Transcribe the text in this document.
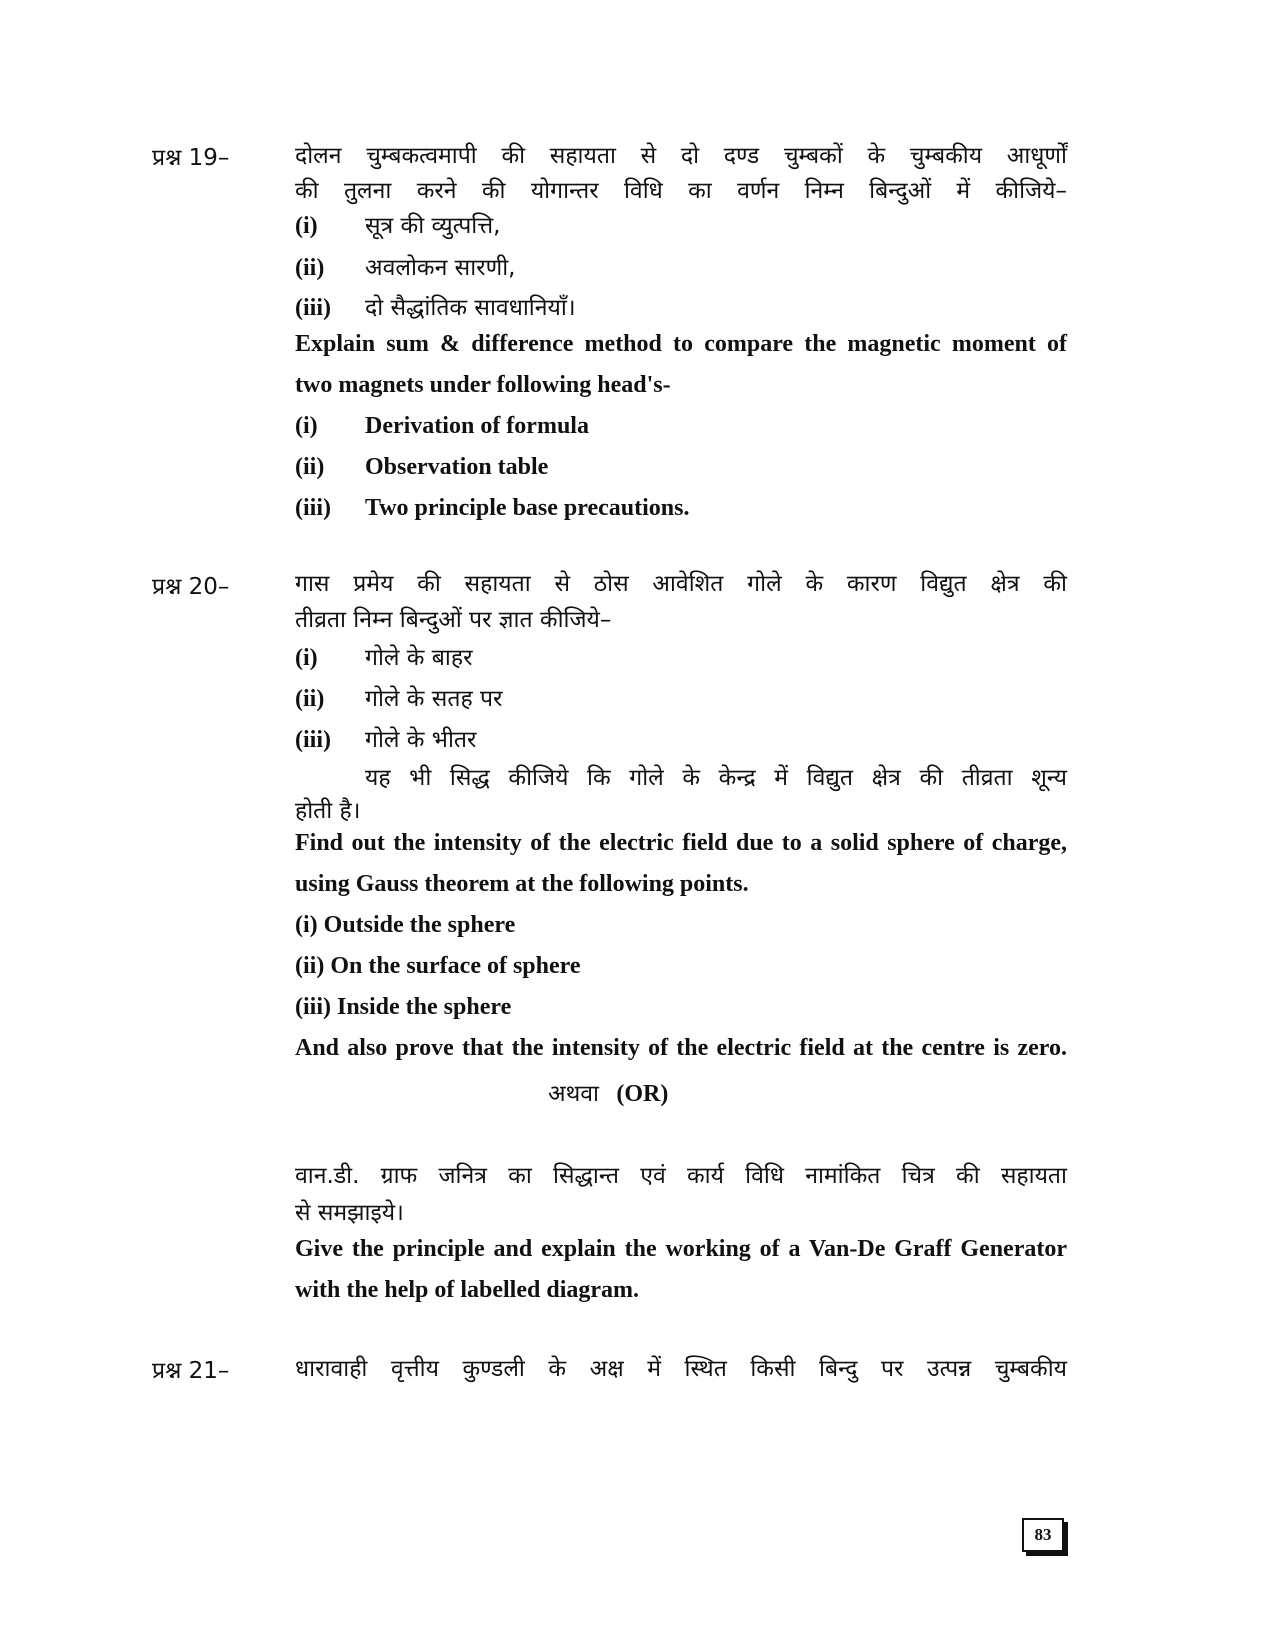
प्रश्न 19–	दोलन चुम्बकत्वमापी की सहायता से दो दण्ड चुम्बकों के चुम्बकीय आधूर्णों
की तुलना करने की योगान्तर विधि का वर्णन निम्न बिन्दुओं में कीजिये–
(i) सूत्र की व्युत्पत्ति,
(ii) अवलोकन सारणी,
(iii) दो सैद्धांतिक सावधानियाँ।
Explain sum & difference method to compare the magnetic moment of
two magnets under following head's-
(i) Derivation of formula
(ii) Observation table
(iii) Two principle base precautions.
प्रश्न 20–	गास प्रमेय की सहायता से ठोस आवेशित गोले के कारण विद्युत क्षेत्र की
तीव्रता निम्न बिन्दुओं पर ज्ञात कीजिये–
(i) गोले के बाहर
(ii) गोले के सतह पर
(iii) गोले के भीतर
यह भी सिद्ध कीजिये कि गोले के केन्द्र में विद्युत क्षेत्र की तीव्रता शून्य
होती है।
Find out the intensity of the electric field due to a solid sphere of charge,
using Gauss theorem at the following points.
(i) Outside the sphere
(ii) On the surface of sphere
(iii) Inside the sphere
And also prove that the intensity of the electric field at the centre is zero.
अथवा (OR)
वान.डी. ग्राफ जनित्र का सिद्धान्त एवं कार्य विधि नामांकित चित्र की सहायता
से समझाइये।
Give the principle and explain the working of a Van-De Graff Generator
with the help of labelled diagram.
प्रश्न 21–	धारावाही वृत्तीय कुण्डली के अक्ष में स्थित किसी बिन्दु पर उत्पन्न चुम्बकीय
83
